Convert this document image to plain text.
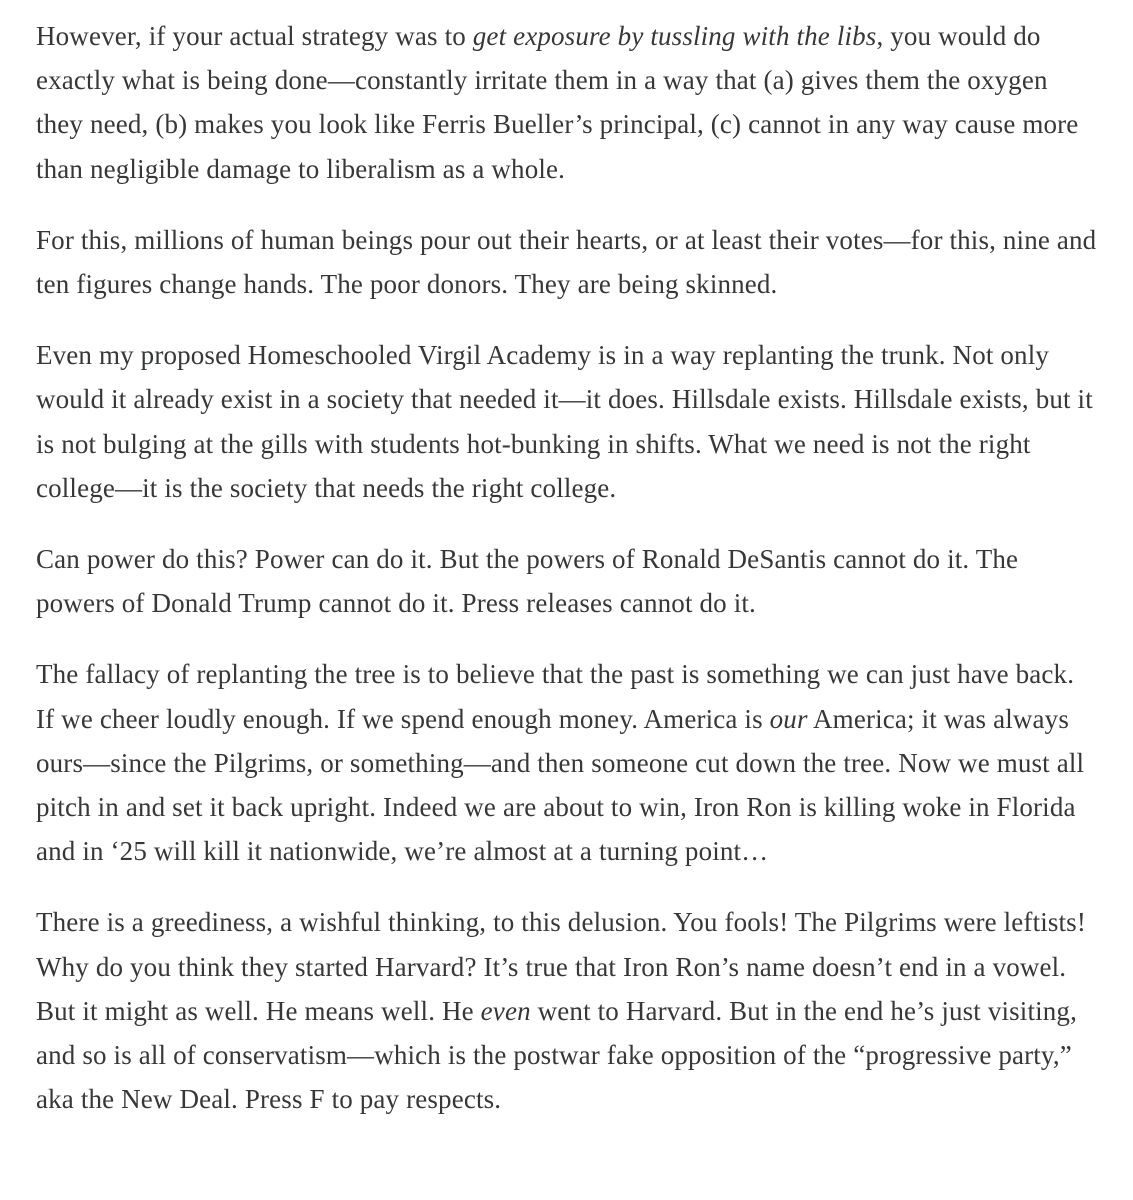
However, if your actual strategy was to get exposure by tussling with the libs, you would do exactly what is being done—constantly irritate them in a way that (a) gives them the oxygen they need, (b) makes you look like Ferris Bueller’s principal, (c) cannot in any way cause more than negligible damage to liberalism as a whole.

For this, millions of human beings pour out their hearts, or at least their votes—for this, nine and ten figures change hands. The poor donors. They are being skinned.

Even my proposed Homeschooled Virgil Academy is in a way replanting the trunk. Not only would it already exist in a society that needed it—it does. Hillsdale exists. Hillsdale exists, but it is not bulging at the gills with students hot-bunking in shifts. What we need is not the right college—it is the society that needs the right college.

Can power do this? Power can do it. But the powers of Ronald DeSantis cannot do it. The powers of Donald Trump cannot do it. Press releases cannot do it.

The fallacy of replanting the tree is to believe that the past is something we can just have back. If we cheer loudly enough. If we spend enough money. America is our America; it was always ours—since the Pilgrims, or something—and then someone cut down the tree. Now we must all pitch in and set it back upright. Indeed we are about to win, Iron Ron is killing woke in Florida and in ‘25 will kill it nationwide, we’re almost at a turning point…

There is a greediness, a wishful thinking, to this delusion. You fools! The Pilgrims were leftists! Why do you think they started Harvard? It’s true that Iron Ron’s name doesn’t end in a vowel. But it might as well. He means well. He even went to Harvard. But in the end he’s just visiting, and so is all of conservatism—which is the postwar fake opposition of the “progressive party,” aka the New Deal. Press F to pay respects.
